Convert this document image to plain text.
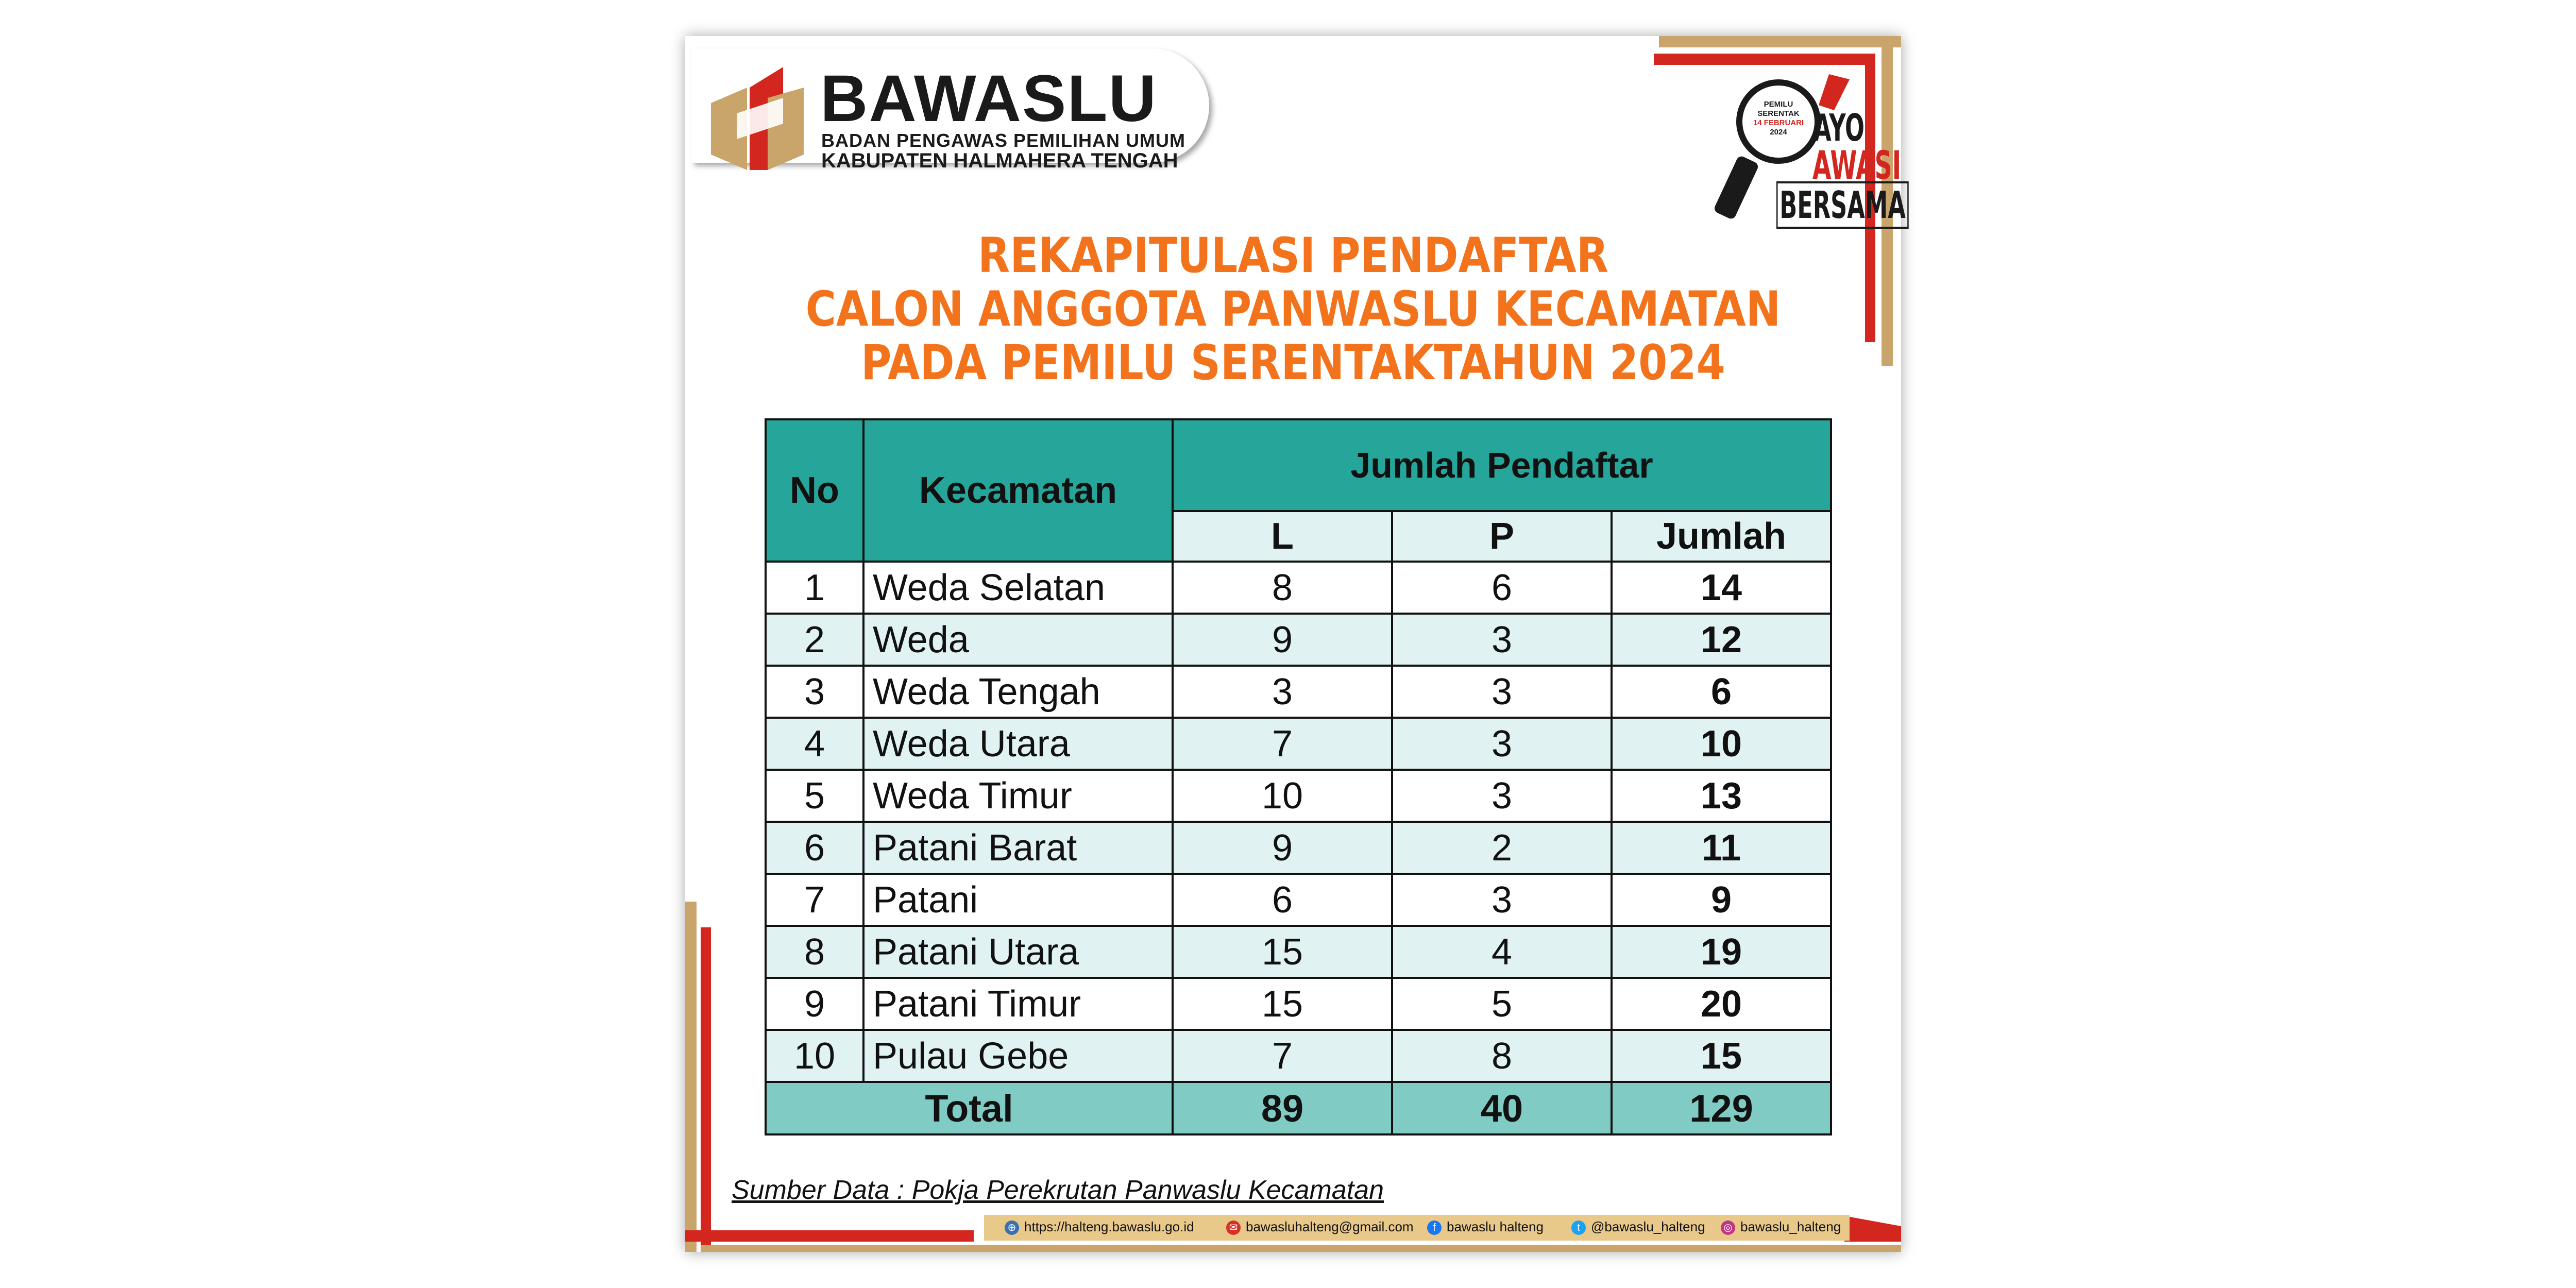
BAWASLU
BADAN PENGAWAS PEMILIHAN UMUM
KABUPATEN HALMAHERA TENGAH
PEMILU
SERENTAK
14 FEBRUARI
2024 AYO
AWASI
BERSAMA
REKAPITULASI PENDAFTAR
CALON ANGGOTA PANWASLU KECAMATAN
PADA PEMILU SERENTAKTAHUN 2024
No	Kecamatan	Jumlah Pendaftar		
		L	P	Jumlah
1	Weda Selatan	8	6	14
2	Weda	9	3	12
3	Weda Tengah	3	3	6
4	Weda Utara	7	3	10
5	Weda Timur	10	3	13
6	Patani Barat	9	2	11
7	Patani	6	3	9
8	Patani Utara	15	4	19
9	Patani Timur	15	5	20
10	Pulau Gebe	7	8	15
Total		89	40	129
Sumber Data : Pokja Perekrutan Panwaslu Kecamatan
⊕ https://halteng.bawaslu.go.id	✉ bawasluhalteng@gmail.com	f bawaslu halteng	t @bawaslu_halteng ◎ bawaslu_halteng
